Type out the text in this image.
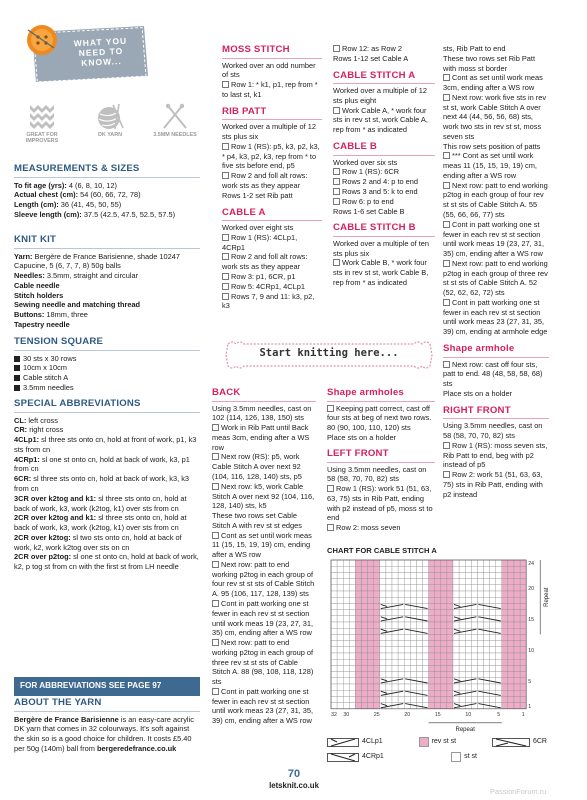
WHAT YOU NEED TO KNOW...
GREAT FOR IMPROVERS
DK YARN	3.5MM NEEDLES
MEASUREMENTS & SIZES

To fit age (yrs): 4 (6, 8, 10, 12)

Actual chest (cm): 54 (60, 66, 72, 78)

Length (cm): 36 (41, 45, 50, 55)

Sleeve length (cm): 37.5 (42.5, 47.5, 52.5, 57.5)

KNIT KIT

Yarn: Bergère de France Barisienne, shade 10247 Capucine, 5 (6, 7, 7, 8) 50g balls

Needles: 3.5mm, straight and circular

Cable needle

Stitch holders

Sewing needle and matching thread

Buttons: 18mm, three

Tapestry needle

TENSION SQUARE

30 sts x 30 rows

10cm x 10cm

Cable stitch A

3.5mm needles

SPECIAL ABBREVIATIONS

CL: left cross

CR: right cross

4CLp1: sl three sts onto cn, hold at front of work, p1, k3 sts from cn

4CRp1: sl one st onto cn, hold at back of work, k3, p1 from cn

6CR: sl three sts onto cn, hold at back of work, k3, k3 from cn

3CR over k2tog and k1: sl three sts onto cn, hold at back of work, k3, work (k2tog, k1) over sts from cn

2CR over k2tog and k1: sl three sts onto cn, hold at back of work, k3, work (k2tog, k1) over sts from cn

2CR over k2tog: sl two sts onto cn, hold at back of work, k2, work k2tog over sts on cn

2CR over p2tog: sl one st onto cn, hold at back of work, k2, p tog st from cn with the first st from LH needle

FOR ABBREVIATIONS SEE PAGE 97
ABOUT THE YARN

Bergère de France Barisienne is an easy-care acrylic DK yarn that comes in 32 colourways. It's soft against the skin so is a good choice for children. It costs £5.40 per 50g (140m) ball from bergeredefrance.co.uk

MOSS STITCH

Worked over an odd number of sts

Row 1: * k1, p1, rep from * to last st, k1

RIB PATT

Worked over a multiple of 12 sts plus six

Row 1 (RS): p5, k3, p2, k3, * p4, k3, p2, k3, rep from * to five sts before end, p5

Row 2 and foll alt rows: work sts as they appear

Rows 1-2 set Rib patt

CABLE A

Worked over eight sts

Row 1 (RS): 4CLp1, 4CRp1

Row 2 and foll alt rows: work sts as they appear

Row 3: p1, 6CR, p1

Row 5: 4CRp1, 4CLp1

Rows 7, 9 and 11: k3, p2, k3

Row 12: as Row 2

Rows 1-12 set Cable A

CABLE STITCH A

Worked over a multiple of 12 sts plus eight

Work Cable A, * work four sts in rev st st, work Cable A, rep from * as indicated

CABLE B

Worked over six sts

Row 1 (RS): 6CR

Rows 2 and 4: p to end

Rows 3 and 5: k to end

Row 6: p to end

Rows 1-6 set Cable B

CABLE STITCH B

Worked over a multiple of ten sts plus six

Work Cable B, * work four sts in rev st st, work Cable B, rep from * as indicated

Start knitting here...
BACK

Using 3.5mm needles, cast on 102 (114, 126, 138, 150) sts

Work in Rib Patt until Back meas 3cm, ending after a WS row

Next row (RS): p5, work Cable Stitch A over next 92 (104, 116, 128, 140) sts, p5

Next row: k5, work Cable Stitch A over next 92 (104, 116, 128, 140) sts, k5

These two rows set Cable Stitch A with rev st st edges

Cont as set until work meas 11 (15, 15, 19, 19) cm, ending after a WS row

Next row: patt to end working p2tog in each group of four rev st st sts of Cable Stitch A. 95 (106, 117, 128, 139) sts

Cont in patt working one st fewer in each rev st st section until work meas 19 (23, 27, 31, 35) cm, ending after a WS row

Next row: patt to end working p2tog in each group of three rev st st sts of Cable Stitch A. 88 (98, 108, 118, 128) sts

Cont in patt working one st fewer in each rev st st section until work meas 23 (27, 31, 35, 39) cm, ending after a WS row

Shape armholes

Keeping patt correct, cast off four sts at beg of next two rows. 80 (90, 100, 110, 120) sts

Place sts on a holder

LEFT FRONT

Using 3.5mm needles, cast on 58 (58, 70, 70, 82) sts

Row 1 (RS): work 51 (51, 63, 63, 75) sts in Rib Patt, ending with p2 instead of p5, moss st to end

Row 2: moss seven

sts, Rib Patt to end

These two rows set Rib Patt with moss st border

Cont as set until work meas 3cm, ending after a WS row

Next row: work five sts in rev st st, work Cable Stitch A over next 44 (44, 56, 56, 68) sts, work two sts in rev st st, moss seven sts

This row sets position of patts

*** Cont as set until work meas 11 (15, 15, 19, 19) cm, ending after a WS row

Next row: patt to end working p2tog in each group of four rev st st sts of Cable Stitch A. 55 (55, 66, 66, 77) sts

Cont in patt working one st fewer in each rev st st section until work meas 19 (23, 27, 31, 35) cm, ending after a WS row

Next row: patt to end working p2tog in each group of three rev st st sts of Cable Stitch A. 52 (52, 62, 62, 72) sts

Cont in patt working one st fewer in each rev st st section until work meas 23 (27, 31, 35, 39) cm, ending at armhole edge

Shape armhole

Next row: cast off four sts, patt to end. 48 (48, 58, 58, 68) sts

Place sts on a holder

RIGHT FRONT

Using 3.5mm needles, cast on 58 (58, 70, 70, 82) sts

Row 1 (RS): moss seven sts, Rib Patt to end, beg with p2 instead of p5

Row 2: work 51 (51, 63, 63, 75) sts in Rib Patt, ending with p2 instead

CHART FOR CABLE STITCH A
Repeat
24
20
15
10
5
1
32 30	25	20	15	10	5	1
Repeat
4CLp1	rev st st	6CR
4CRp1	st st
70
letsknit.co.uk
PassionForum.ru
